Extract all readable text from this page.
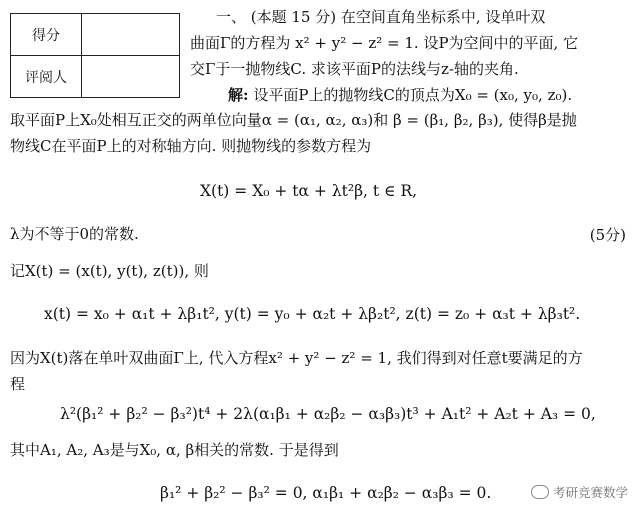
得分	
评阅人	
一、 (本题 15 分) 在空间直角坐标系中, 设单叶双
曲面Γ的方程为 x² + y² − z² = 1. 设P为空间中的平面, 它
交Γ于一抛物线C. 求该平面P的法线与z-轴的夹角.
解: 设平面P上的抛物线C的顶点为X₀ = (x₀, y₀, z₀).
取平面P上X₀处相互正交的两单位向量α = (α₁, α₂, α₃)和 β = (β₁, β₂, β₃), 使得β是抛
物线C在平面P上的对称轴方向. 则抛物线的参数方程为
X(t) = X₀ + tα + λt²β, t ∈ R,
λ为不等于0的常数.	(5分)
记X(t) = (x(t), y(t), z(t)), 则
x(t) = x₀ + α₁t + λβ₁t², y(t) = y₀ + α₂t + λβ₂t², z(t) = z₀ + α₃t + λβ₃t².
因为X(t)落在单叶双曲面Γ上, 代入方程x² + y² − z² = 1, 我们得到对任意t要满足的方
程
λ²(β₁² + β₂² − β₃²)t⁴ + 2λ(α₁β₁ + α₂β₂ − α₃β₃)t³ + A₁t² + A₂t + A₃ = 0,
其中A₁, A₂, A₃是与X₀, α, β相关的常数. 于是得到
β₁² + β₂² − β₃² = 0, α₁β₁ + α₂β₂ − α₃β₃ = 0.	考研竞赛数学
